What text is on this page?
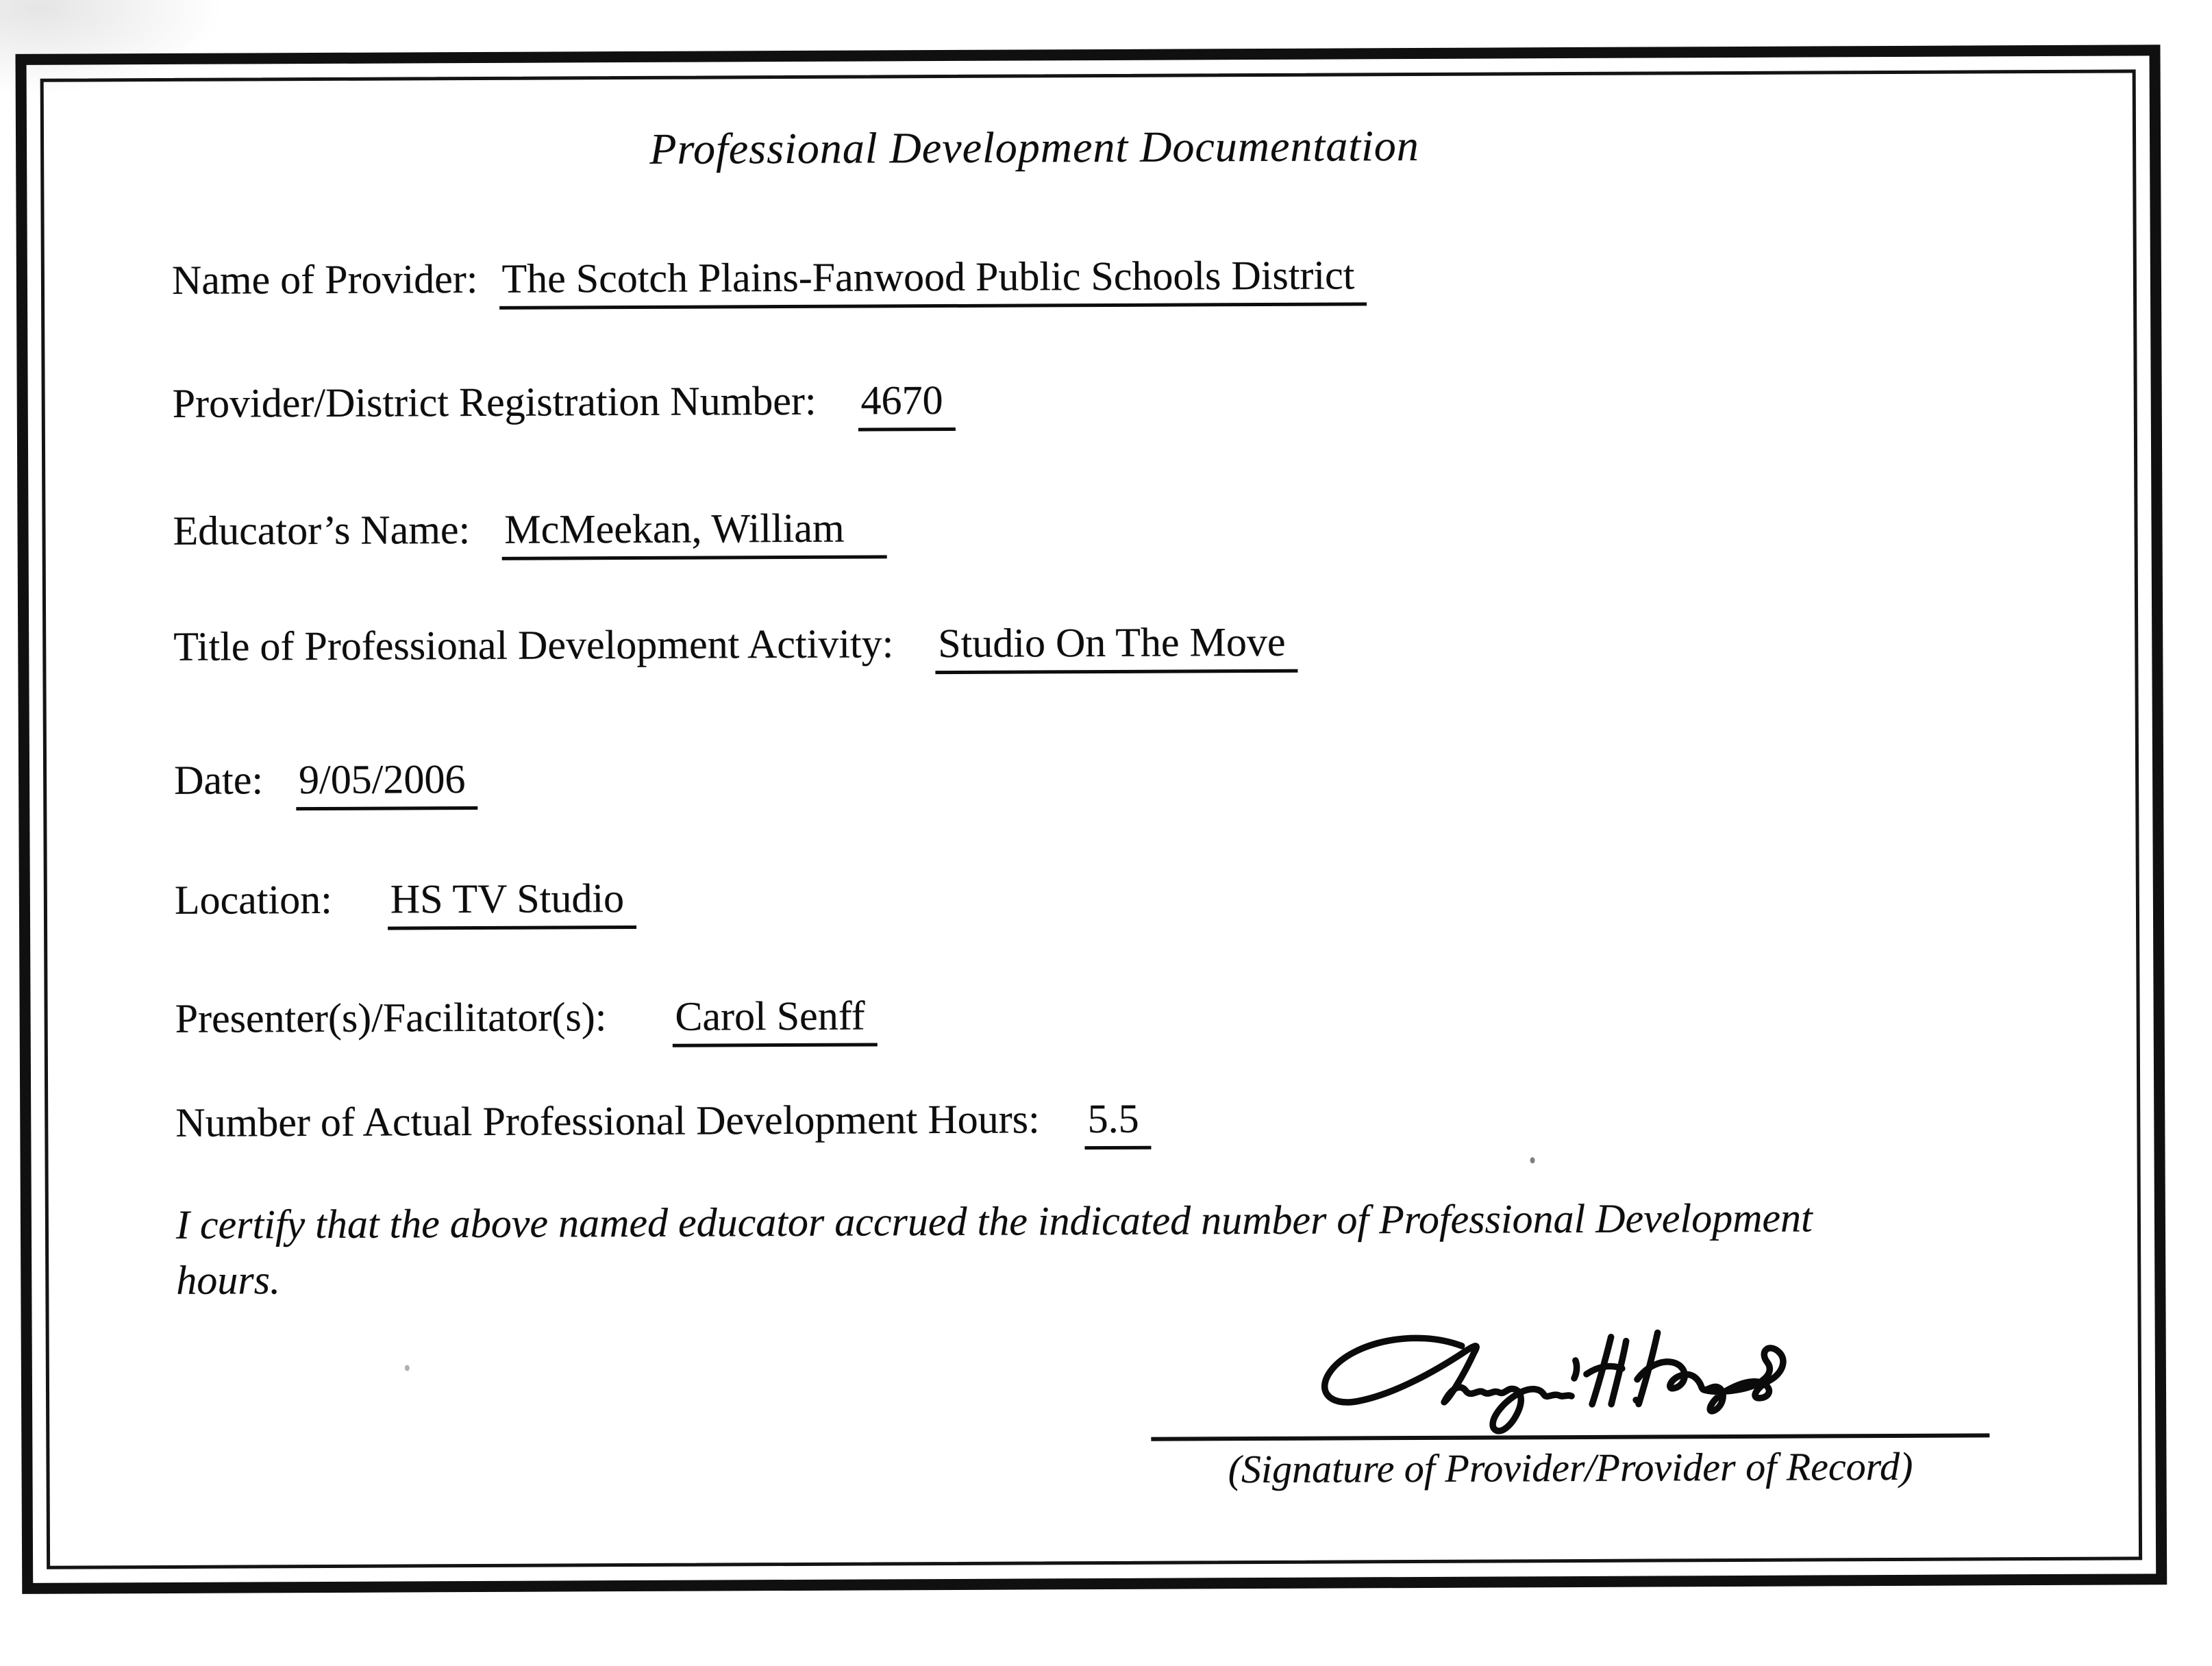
Professional Development Documentation
Name of Provider: The Scotch Plains-Fanwood Public Schools District
Provider/District Registration Number: 4670
Educator’s Name: McMeekan, William
Title of Professional Development Activity: Studio On The Move
Date: 9/05/2006
Location: HS TV Studio
Presenter(s)/Facilitator(s): Carol Senff
Number of Actual Professional Development Hours: 5.5

I certify that the above named educator accrued the indicated number of Professional Development
hours.

(Signature of Provider/Provider of Record)
